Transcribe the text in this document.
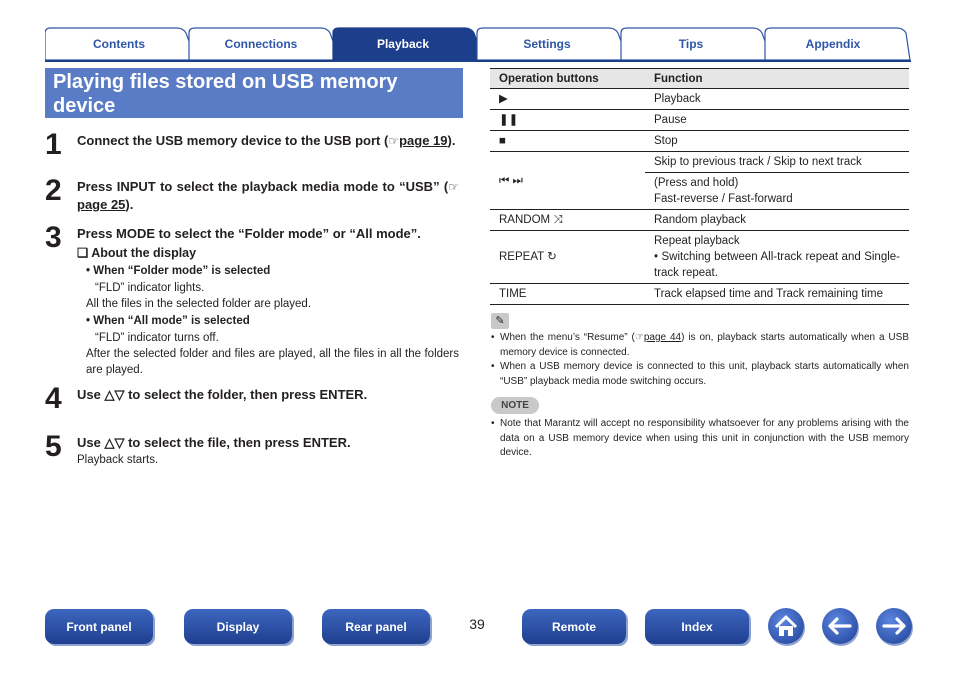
Contents	Connections	Playback	Settings	Tips	Appendix
Playing files stored on USB memory device
1 Connect the USB memory device to the USB port (☞page 19).
2 Press INPUT to select the playback media mode to “USB” (☞page 25).
3 Press MODE to select the “Folder mode” or “All mode”.
❏ About the display
• When “Folder mode” is selected
“FLD” indicator lights.
All the files in the selected folder are played.
• When “All mode” is selected
“FLD” indicator turns off.
After the selected folder and files are played, all the files in all the folders are played.
4 Use △▽ to select the folder, then press ENTER.
5 Use △▽ to select the file, then press ENTER.
Playback starts.
Operation buttons	Function
▶	Playback
❚❚	Pause
■	Stop
⏮ ⏭	Skip to previous track / Skip to next track

	(Press and hold)
Fast-reverse / Fast-forward

RANDOM ⤨	Random playback
REPEAT ↻	Repeat playback
• Switching between All-track repeat and Single-track repeat.

TIME	Track elapsed time and Track remaining time
✎
• When the menu’s “Resume” (☞page 44) is on, playback starts automatically when a USB memory device is connected.
• When a USB memory device is connected to this unit, playback starts automatically when “USB” playback media mode switching occurs.
NOTE
• Note that Marantz will accept no responsibility whatsoever for any problems arising with the data on a USB memory device when using this unit in conjunction with the USB memory device.
Front panel	Display	Rear panel	39	Remote	Index
